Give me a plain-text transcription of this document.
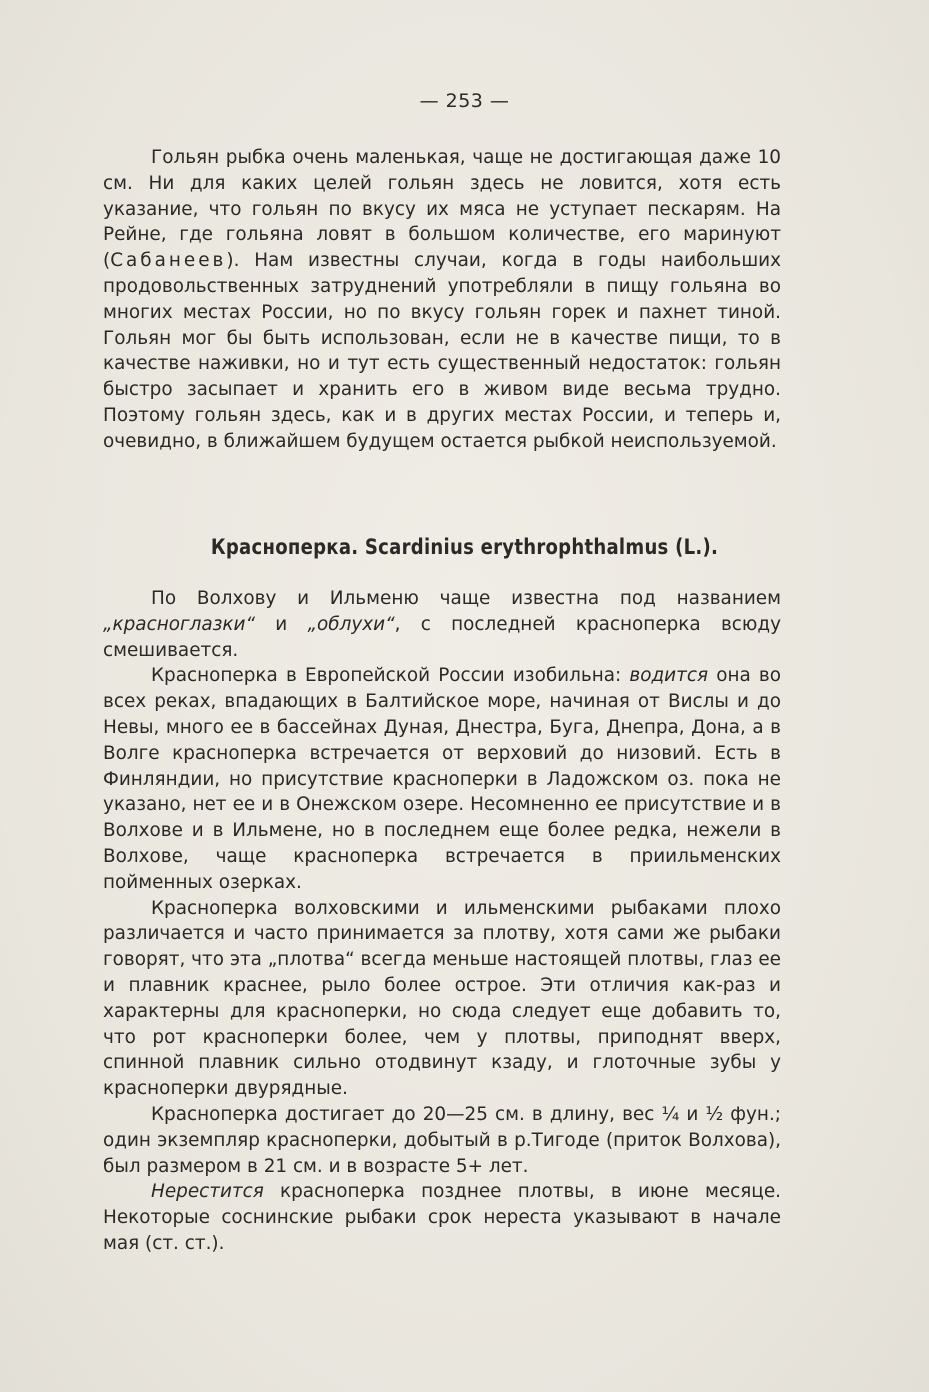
— 253 —

Гольян рыбка очень маленькая, чаще не достигающая даже 10 см. Ни для каких целей гольян здесь не ловится, хотя есть указание, что гольян по вкусу их мяса не уступает пескарям. На Рейне, где гольяна ловят в большом количестве, его маринуют (Сабанеев). Нам известны случаи, когда в годы наибольших продовольственных затруднений употребляли в пищу гольяна во многих местах России, но по вкусу гольян горек и пахнет тиной. Гольян мог бы быть использован, если не в качестве пищи, то в качестве наживки, но и тут есть существенный недостаток: гольян быстро засыпает и хранить его в живом виде весьма трудно. Поэтому гольян здесь, как и в других местах России, и теперь и, очевидно, в ближайшем будущем остается рыбкой неиспользуемой.

Красноперка. Scardinius erythrophthalmus (L.).

По Волхову и Ильменю чаще известна под названием „красноглазки“ и „облухи“, с последней красноперка всюду смешивается.

Красноперка в Европейской России изобильна: водится она во всех реках, впадающих в Балтийское море, начиная от Вислы и до Невы, много ее в бассейнах Дуная, Днестра, Буга, Днепра, Дона, а в Волге красноперка встречается от верховий до низовий. Есть в Финляндии, но присутствие красноперки в Ладожском оз. пока не указано, нет ее и в Онежском озере. Несомненно ее присутствие и в Волхове и в Ильмене, но в последнем еще более редка, нежели в Волхове, чаще красноперка встречается в приильменских пойменных озерках.

Красноперка волховскими и ильменскими рыбаками плохо различается и часто принимается за плотву, хотя сами же рыбаки говорят, что эта „плотва“ всегда меньше настоящей плотвы, глаз ее и плавник краснее, рыло более острое. Эти отличия как-раз и характерны для красноперки, но сюда следует еще добавить то, что рот красноперки более, чем у плотвы, приподнят вверх, спинной плавник сильно отодвинут кзаду, и глоточные зубы у красноперки двурядные.

Красноперка достигает до 20—25 см. в длину, вес ¼ и ½ фун.; один экземпляр красноперки, добытый в р.Тигоде (приток Волхова), был размером в 21 см. и в возрасте 5+ лет.

Нерестится красноперка позднее плотвы, в июне месяце. Некоторые соснинские рыбаки срок нереста указывают в начале мая (ст. ст.).
